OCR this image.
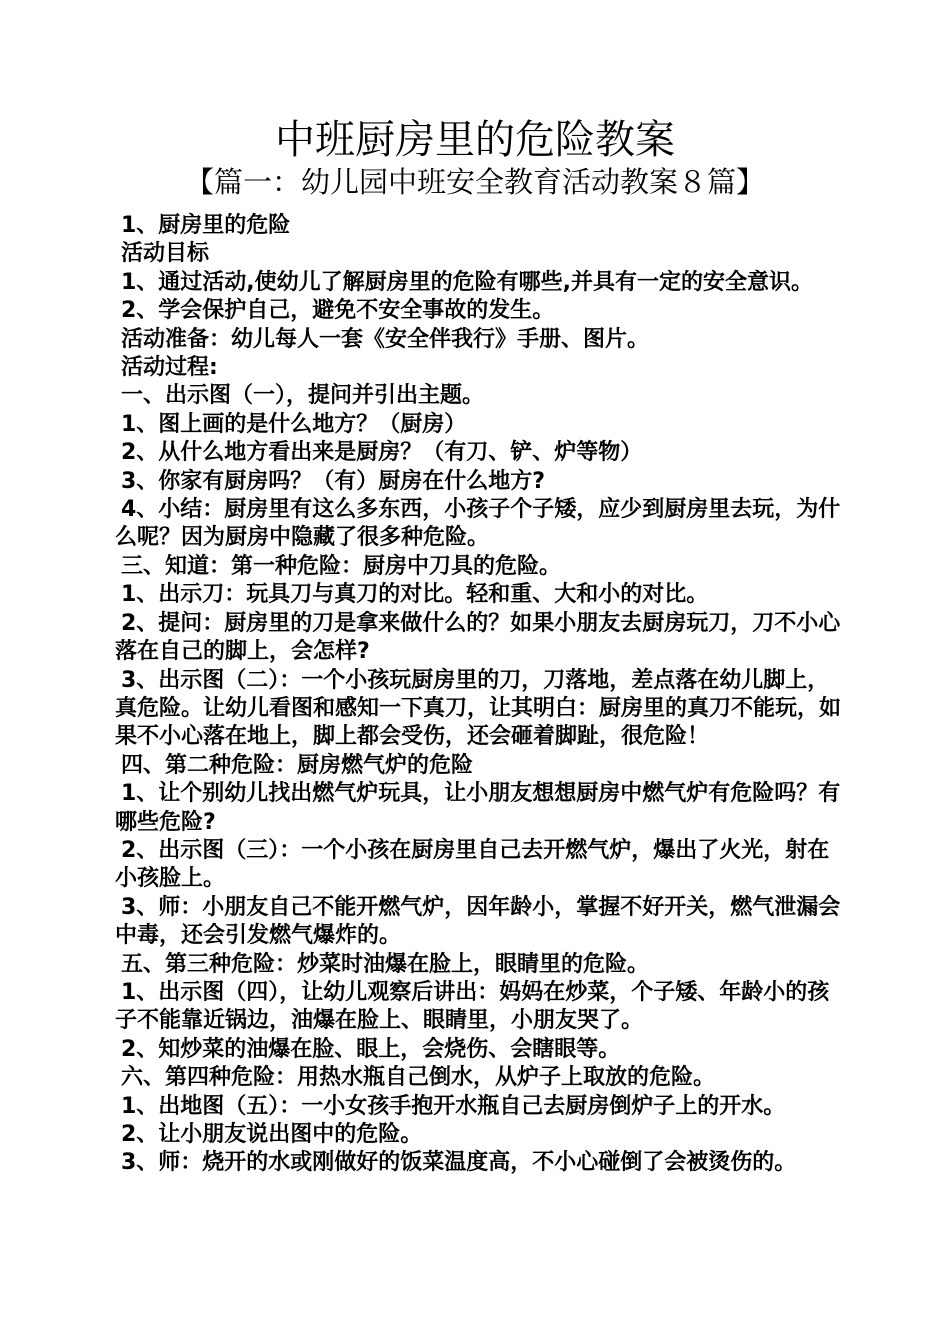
中班厨房里的危险教案
【篇一：幼儿园中班安全教育活动教案８篇】

1、厨房里的危险

活动目标

1、通过活动,使幼儿了解厨房里的危险有哪些,并具有一定的安全意识。

2、学会保护自己，避免不安全事故的发生。

活动准备：幼儿每人一套《安全伴我行》手册、图片。

活动过程:

一、出示图（一），提问并引出主题。

1、图上画的是什么地方？（厨房）

2、从什么地方看出来是厨房？（有刀、铲、炉等物）

3、你家有厨房吗？（有）厨房在什么地方?

4、小结：厨房里有这么多东西，小孩子个子矮，应少到厨房里去玩，为什么呢？因为厨房中隐藏了很多种危险。

三、知道：第一种危险：厨房中刀具的危险。

1、出示刀：玩具刀与真刀的对比。轻和重、大和小的对比。

2、提问：厨房里的刀是拿来做什么的？如果小朋友去厨房玩刀，刀不小心落在自己的脚上，会怎样?

3、出示图（二）：一个小孩玩厨房里的刀，刀落地，差点落在幼儿脚上，真危险。让幼儿看图和感知一下真刀，让其明白：厨房里的真刀不能玩，如果不小心落在地上，脚上都会受伤，还会砸着脚趾，很危险！

四、第二种危险：厨房燃气炉的危险

1、让个别幼儿找出燃气炉玩具，让小朋友想想厨房中燃气炉有危险吗？有哪些危险?

2、出示图（三）：一个小孩在厨房里自己去开燃气炉，爆出了火光，射在小孩脸上。

3、师：小朋友自己不能开燃气炉，因年龄小，掌握不好开关，燃气泄漏会中毒，还会引发燃气爆炸的。

五、第三种危险：炒菜时油爆在脸上，眼睛里的危险。

1、出示图（四），让幼儿观察后讲出：妈妈在炒菜，个子矮、年龄小的孩子不能靠近锅边，油爆在脸上、眼睛里，小朋友哭了。

2、知炒菜的油爆在脸、眼上，会烧伤、会瞎眼等。

六、第四种危险：用热水瓶自己倒水，从炉子上取放的危险。

1、出地图（五）：一小女孩手抱开水瓶自己去厨房倒炉子上的开水。

2、让小朋友说出图中的危险。

3、师：烧开的水或刚做好的饭菜温度高，不小心碰倒了会被烫伤的。
